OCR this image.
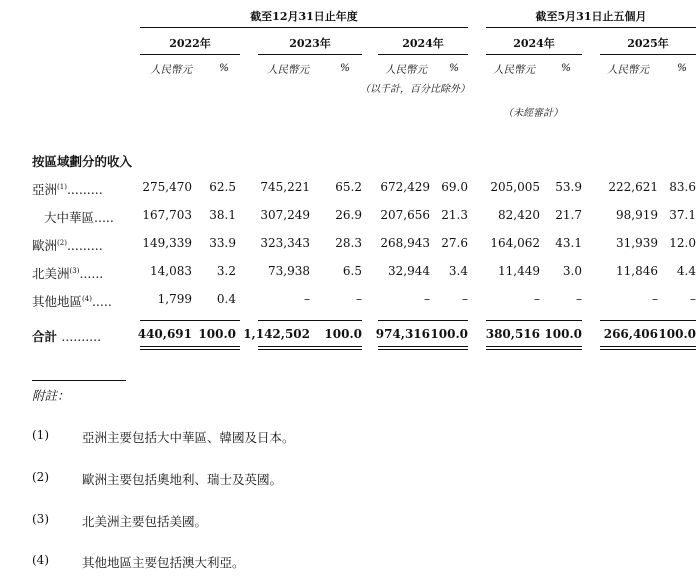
截至12月31日止年度	截至5月31日止五個月
2022年	2023年	2024年	2024年	2025年
人民幣元	%	人民幣元	%	人民幣元	%	人民幣元	%	人民幣元	%
（以千計，百分比除外）
（未經審計）
按區域劃分的收入
亞洲$^{(1)}$.........	275,470	62.5	745,221	65.2	672,429 69.0	205,005	53.9	222,621 83.6
大中華區.....	167,703	38.1	307,249	26.9	207,656 21.3	82,420	21.7	98,919 37.1
歐洲$^{(2)}$.........	149,339	33.9	323,343	28.3	268,943 27.6	164,062	43.1	31,939 12.0
北美洲$^{(3)}$......	14,083	3.2	73,938	6.5	32,944	3.4	11,449	3.0	11,846	4.4
其他地區$^{(4)}$.....	1,799	0.4	–	–	–	–	–	–	–	–
合計 ..........	440,691 100.0 1,142,502	100.0	974,316 100.0	380,516 100.0	266,406 100.0
附註：
(1)	亞洲主要包括大中華區、韓國及日本。
(2)	歐洲主要包括奧地利、瑞士及英國。
(3)	北美洲主要包括美國。
(4)	其他地區主要包括澳大利亞。
